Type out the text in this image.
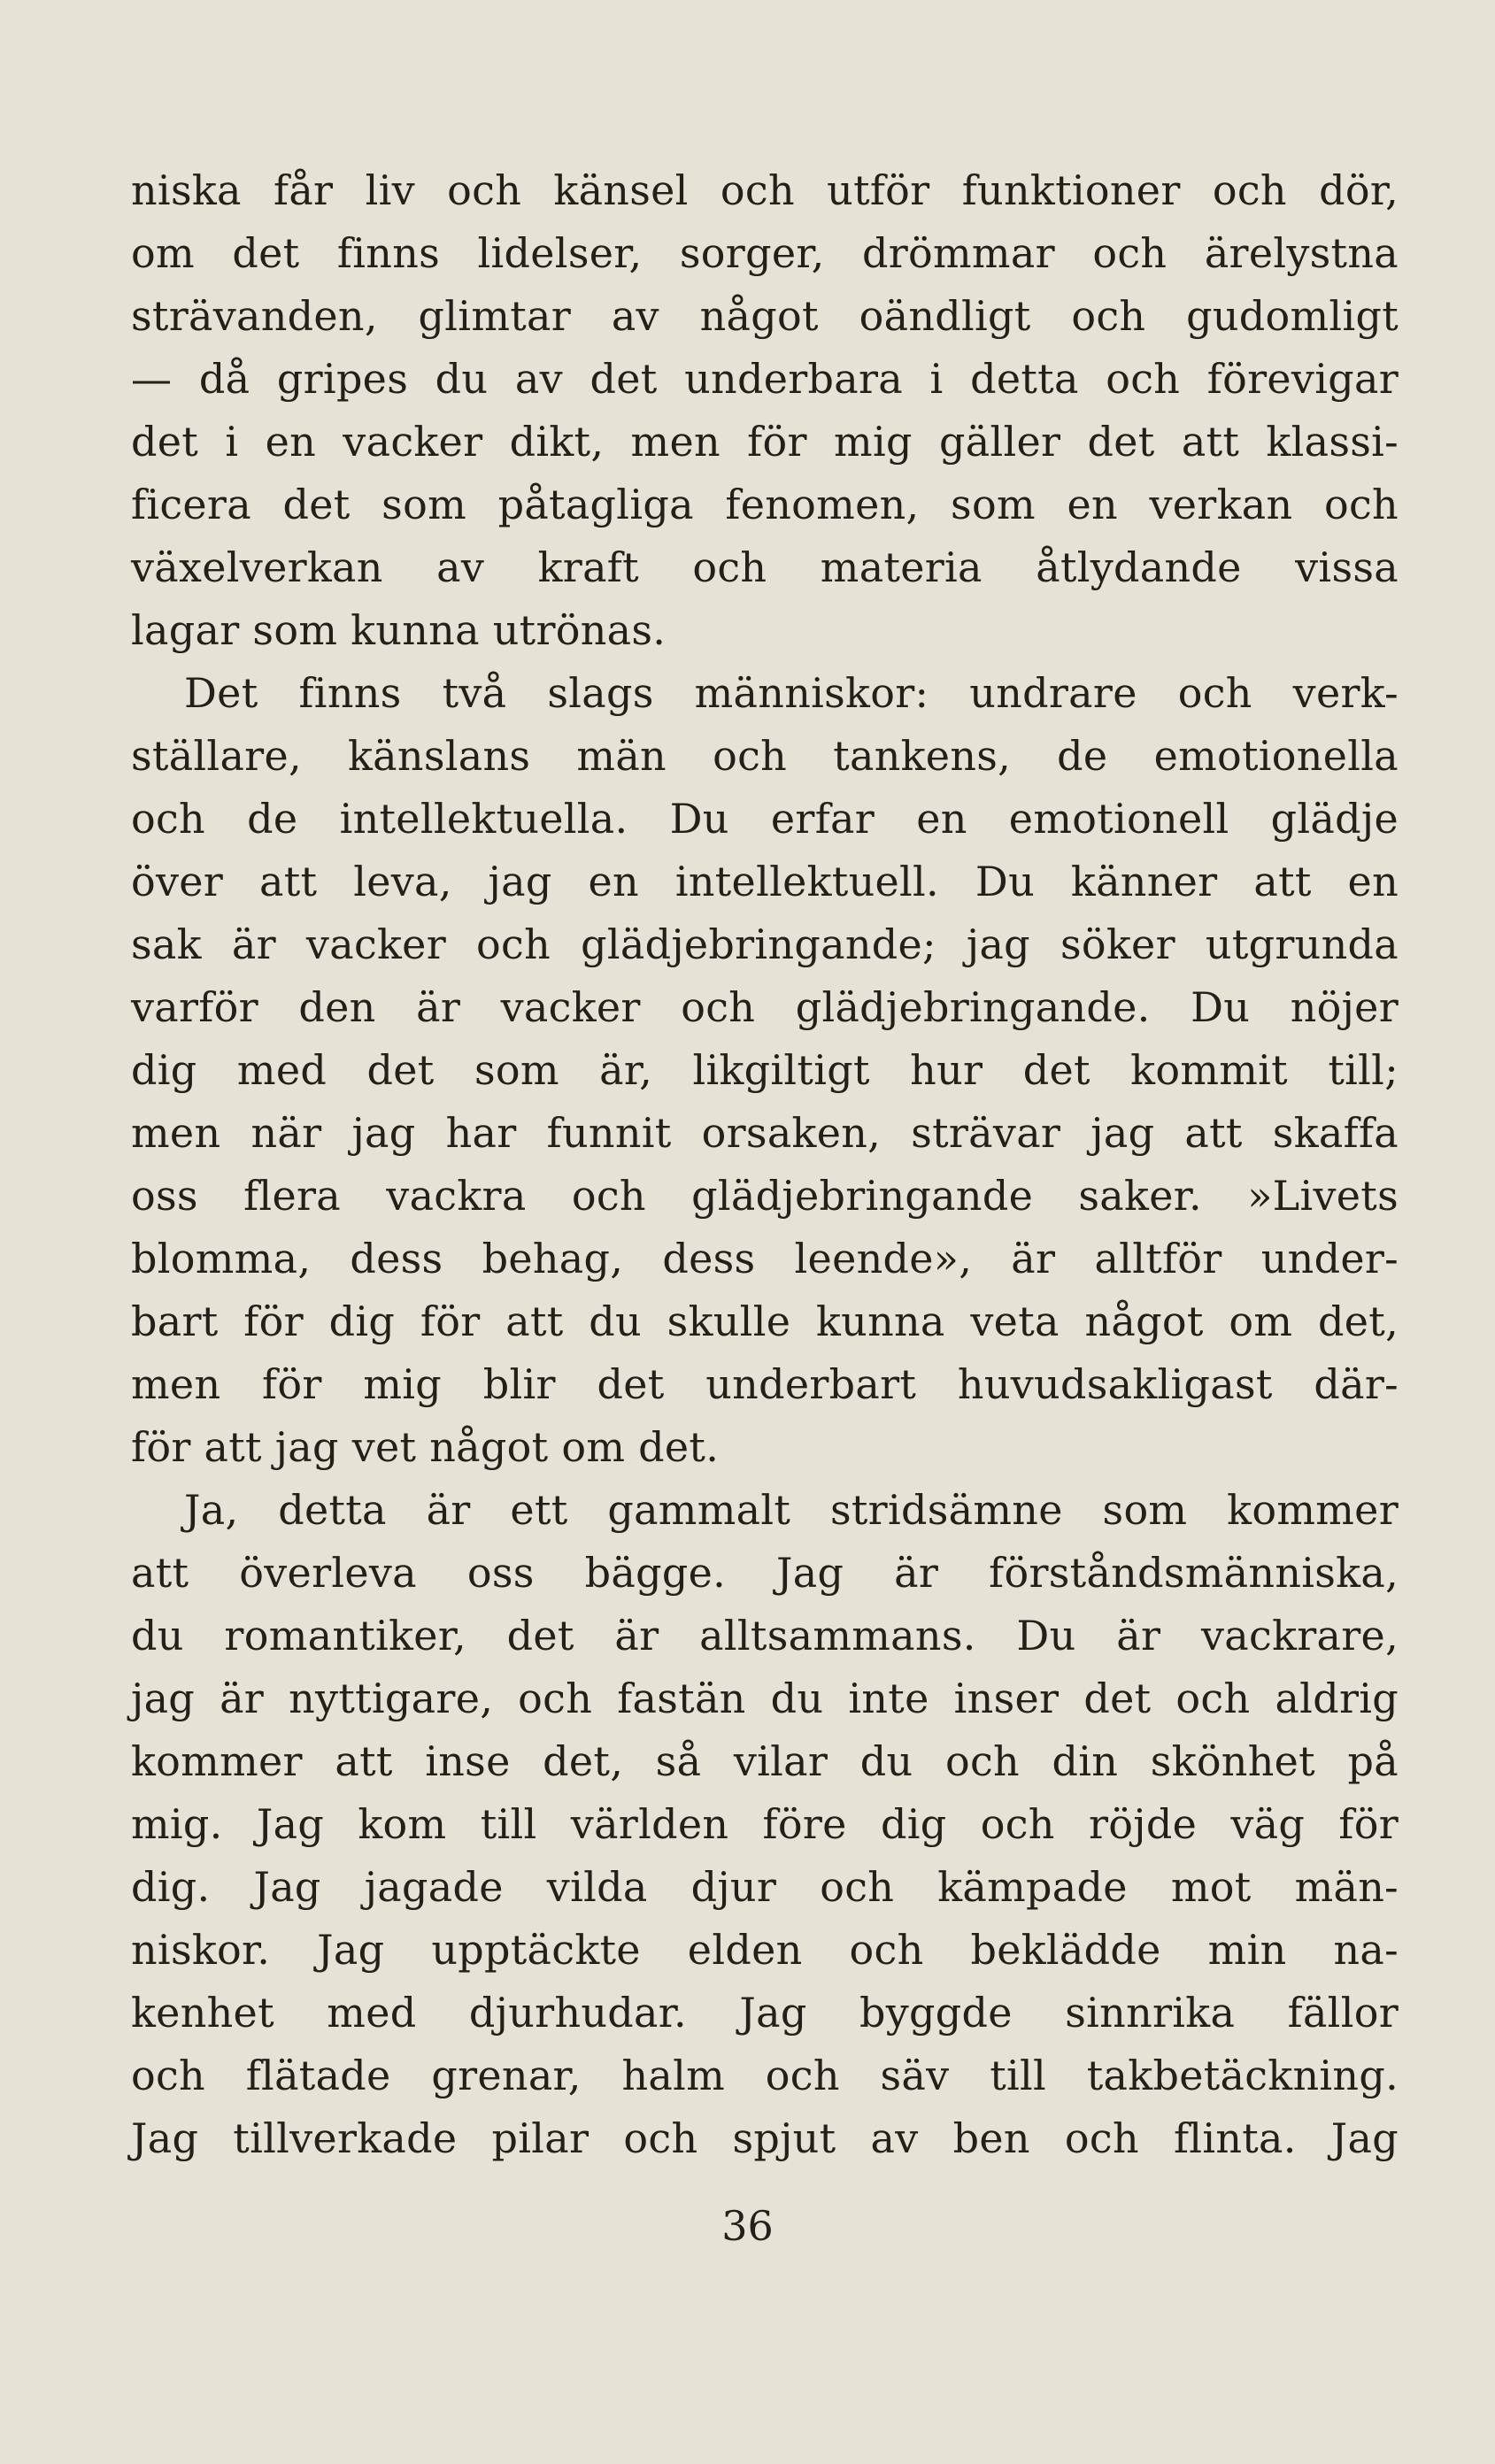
niska får liv och känsel och utför funktioner och dör,
om det finns lidelser, sorger, drömmar och ärelystna
strävanden, glimtar av något oändligt och gudomligt
— då gripes du av det underbara i detta och förevigar
det i en vacker dikt, men för mig gäller det att klassi-
ficera det som påtagliga fenomen, som en verkan och
växelverkan av kraft och materia åtlydande vissa
lagar som kunna utrönas.
Det finns två slags människor: undrare och verk-
ställare, känslans män och tankens, de emotionella
och de intellektuella. Du erfar en emotionell glädje
över att leva, jag en intellektuell. Du känner att en
sak är vacker och glädjebringande; jag söker utgrunda
varför den är vacker och glädjebringande. Du nöjer
dig med det som är, likgiltigt hur det kommit till;
men när jag har funnit orsaken, strävar jag att skaffa
oss flera vackra och glädjebringande saker. »Livets
blomma, dess behag, dess leende», är alltför under-
bart för dig för att du skulle kunna veta något om det,
men för mig blir det underbart huvudsakligast där-
för att jag vet något om det.
Ja, detta är ett gammalt stridsämne som kommer
att överleva oss bägge. Jag är förståndsmänniska,
du romantiker, det är alltsammans. Du är vackrare,
jag är nyttigare, och fastän du inte inser det och aldrig
kommer att inse det, så vilar du och din skönhet på
mig. Jag kom till världen före dig och röjde väg för
dig. Jag jagade vilda djur och kämpade mot män-
niskor. Jag upptäckte elden och beklädde min na-
kenhet med djurhudar. Jag byggde sinnrika fällor
och flätade grenar, halm och säv till takbetäckning.
Jag tillverkade pilar och spjut av ben och flinta. Jag
36
